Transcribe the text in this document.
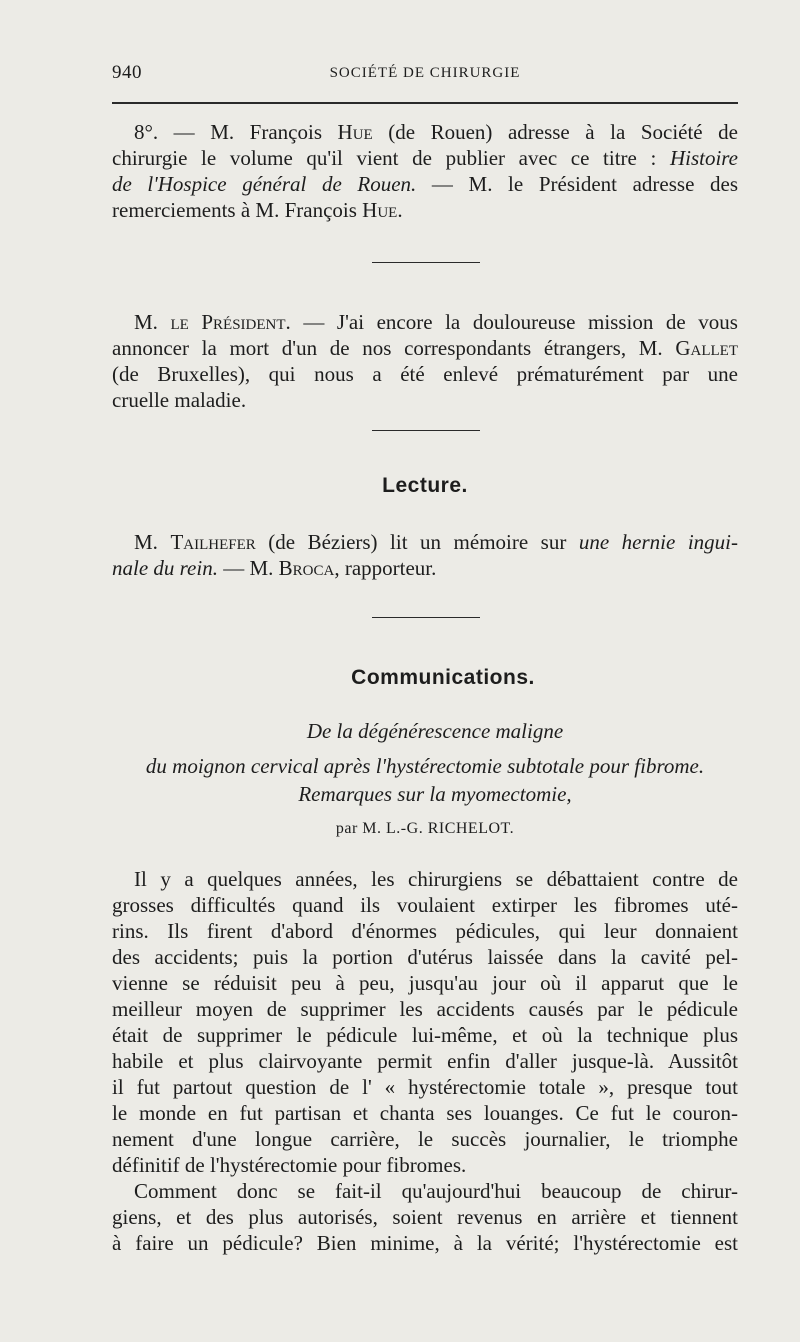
940	SOCIÉTÉ DE CHIRURGIE
8°. — M. François Hue (de Rouen) adresse à la Société de
chirurgie le volume qu'il vient de publier avec ce titre : Histoire
de l'Hospice général de Rouen. — M. le Président adresse des
remerciements à M. François Hue.
M. le Président. — J'ai encore la douloureuse mission de vous
annoncer la mort d'un de nos correspondants étrangers, M. Gallet
(de Bruxelles), qui nous a été enlevé prématurément par une
cruelle maladie.
Lecture.
M. Tailhefer (de Béziers) lit un mémoire sur une hernie ingui-
nale du rein. — M. Broca, rapporteur.
Communications.
De la dégénérescence maligne
du moignon cervical après l'hystérectomie subtotale pour fibrome.
Remarques sur la myomectomie,
par M. L.-G. RICHELOT.
Il y a quelques années, les chirurgiens se débattaient contre de
grosses difficultés quand ils voulaient extirper les fibromes uté-
rins. Ils firent d'abord d'énormes pédicules, qui leur donnaient
des accidents; puis la portion d'utérus laissée dans la cavité pel-
vienne se réduisit peu à peu, jusqu'au jour où il apparut que le
meilleur moyen de supprimer les accidents causés par le pédicule
était de supprimer le pédicule lui-même, et où la technique plus
habile et plus clairvoyante permit enfin d'aller jusque-là. Aussitôt
il fut partout question de l' « hystérectomie totale », presque tout
le monde en fut partisan et chanta ses louanges. Ce fut le couron-
nement d'une longue carrière, le succès journalier, le triomphe
définitif de l'hystérectomie pour fibromes.
Comment donc se fait-il qu'aujourd'hui beaucoup de chirur-
giens, et des plus autorisés, soient revenus en arrière et tiennent
à faire un pédicule? Bien minime, à la vérité; l'hystérectomie est
